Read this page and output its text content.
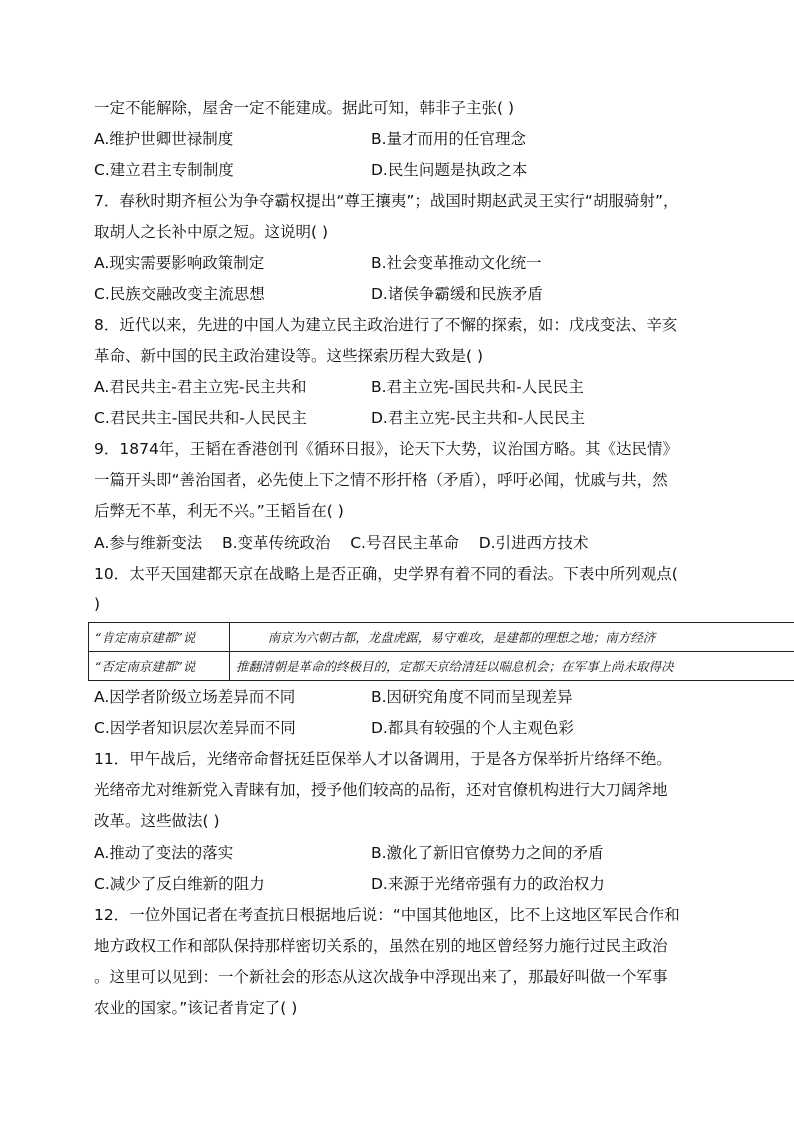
一定不能解除，屋舍一定不能建成。据此可知，韩非子主张( )
A.维护世卿世禄制度	B.量才而用的任官理念
C.建立君主专制制度	D.民生问题是执政之本
7．春秋时期齐桓公为争夺霸权提出“尊王攘夷”；战国时期赵武灵王实行“胡服骑射”，
取胡人之长补中原之短。这说明( )
A.现实需要影响政策制定	B.社会变革推动文化统一
C.民族交融改变主流思想	D.诸侯争霸缓和民族矛盾
8．近代以来，先进的中国人为建立民主政治进行了不懈的探索，如：戊戌变法、辛亥
革命、新中国的民主政治建设等。这些探索历程大致是( )
A.君民共主-君主立宪-民主共和	B.君主立宪-国民共和-人民民主
C.君民共主-国民共和-人民民主	D.君主立宪-民主共和-人民民主
9．1874年，王韬在香港创刊《循环日报》，论天下大势，议治国方略。其《达民情》
一篇开头即“善治国者，必先使上下之情不形扞格（矛盾），呼吁必闻，忧戚与共，然
后弊无不革，利无不兴。”王韬旨在( )
A.参与维新变法    B.变革传统政治    C.号召民主革命    D.引进西方技术
10．太平天国建都天京在战略上是否正确，史学界有着不同的看法。下表中所列观点(
)
“肯定南京建都”说	南京为六朝古都，龙盘虎踞，易守难攻，是建都的理想之地；南方经济
“否定南京建都”说	推翻清朝是革命的终极目的，定都天京给清廷以喘息机会；在军事上尚未取得决
A.因学者阶级立场差异而不同	B.因研究角度不同而呈现差异
C.因学者知识层次差异而不同	D.都具有较强的个人主观色彩
11．甲午战后，光绪帝命督抚廷臣保举人才以备调用，于是各方保举折片络绎不绝。
光绪帝尤对维新党入青睐有加，授予他们较高的品衔，还对官僚机构进行大刀阔斧地
改革。这些做法( )
A.推动了变法的落实	B.激化了新旧官僚势力之间的矛盾
C.减少了反白维新的阻力	D.来源于光绪帝强有力的政治权力
12．一位外国记者在考查抗日根据地后说：“中国其他地区，比不上这地区军民合作和
地方政权工作和部队保持那样密切关系的，虽然在别的地区曾经努力施行过民主政治
。这里可以见到：一个新社会的形态从这次战争中浮现出来了，那最好叫做一个军事
农业的国家。”该记者肯定了( )
